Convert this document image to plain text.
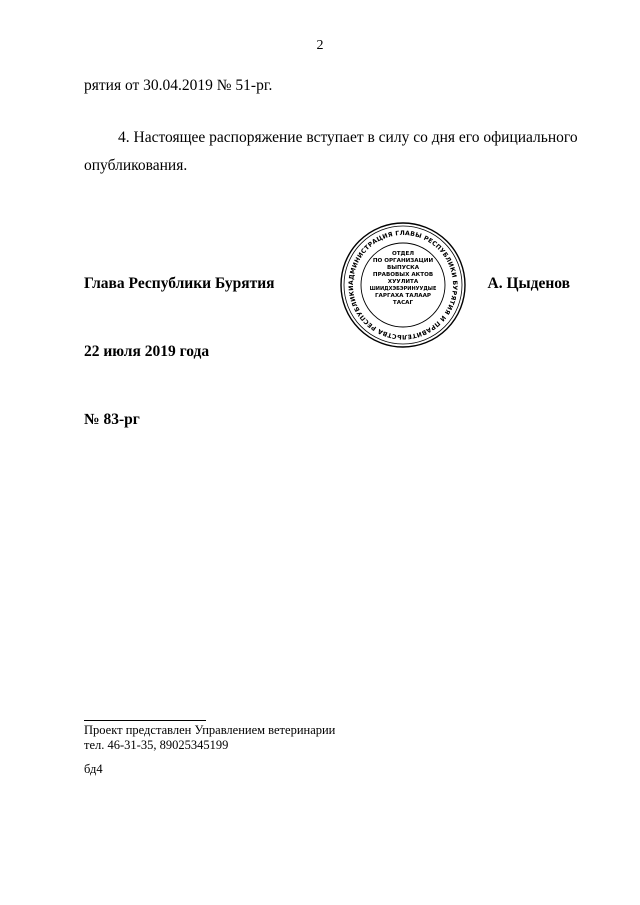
2
рятия от 30.04.2019 № 51-рг.
4. Настоящее распоряжение вступает в силу со дня его официального
опубликования.
Глава Республики Бурятия	АДМИНИСТРАЦИЯ ГЛАВЫ РЕСПУБЛИКИ БУРЯТИЯ И ПРАВИТЕЛЬСТВА РЕСПУБЛИКИ
ОТДЕЛ
ПО ОРГАНИЗАЦИИ
ВЫПУСКА
ПРАВОВЫХ АКТОВ
ХУУЛИТА
ШИИДХЭБЭРИНУУДЫЕ
ГАРГАХА ТАЛААР
ТАСАГ
А. Цыденов
22 июля 2019 года
№ 83-рг
Проект представлен Управлением ветеринарии
тел. 46-31-35, 89025345199
бд4
